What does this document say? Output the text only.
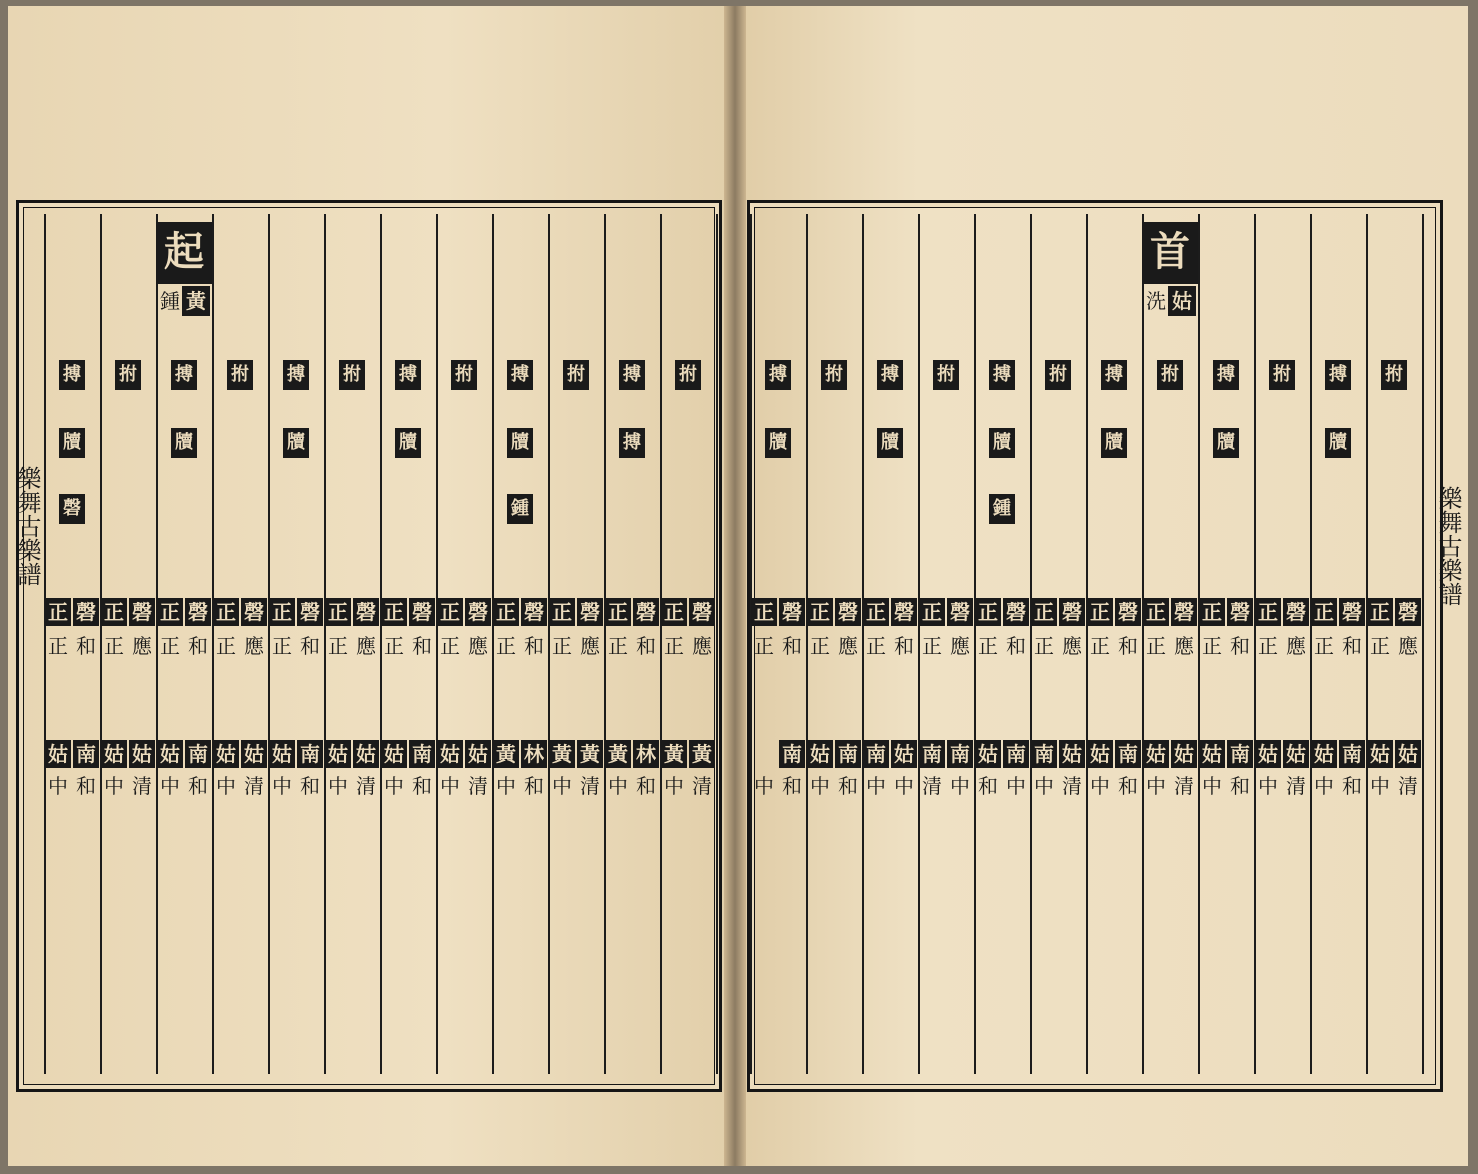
樂舞古樂譜	樂舞古樂譜
起
黃
鍾
拊
搏
拊
搏
拊
搏
拊
搏
拊
搏
拊
搏
搏
牘
牘
牘
牘
牘
鍾
磬
磬
正
磬
正
磬
正
磬
正
磬
正
磬
正
磬
正
磬
正
磬
正
磬
正
磬
正
磬
正
應
正
和
正
應
正
和
正
應
正
和
正
應
正
和
正
應
正
和
正
應
正
和
正
黃
黃
林
黃
黃
黃
林
黃
姑
姑
南
姑
姑
姑
南
姑
姑
姑
南
姑
姑
姑
南
姑
清
中
和
中
清
中
和
中
清
中
和
中
清
中
和
中
清
中
和
中
清
中
和
中
首
姑
洗
拊
搏
拊
搏
拊
搏
拊
搏
拊
搏
拊
搏
牘
牘
牘
牘
牘
牘
鍾
磬
正
磬
正
磬
正
磬
正
磬
正
磬
正
磬
正
磬
正
磬
正
磬
正
磬
正
磬
正
應
正
和
正
應
正
和
正
應
正
和
正
應
正
和
正
應
正
和
正
應
正
和
正
姑
姑
南
姑
姑
姑
南
姑
姑
姑
南
姑
姑
南
南
姑
南
南
姑
南
南
姑
南
清
中
和
中
清
中
和
中
清
中
和
中
清
中
中
和
中
清
中
中
和
中
和
中
